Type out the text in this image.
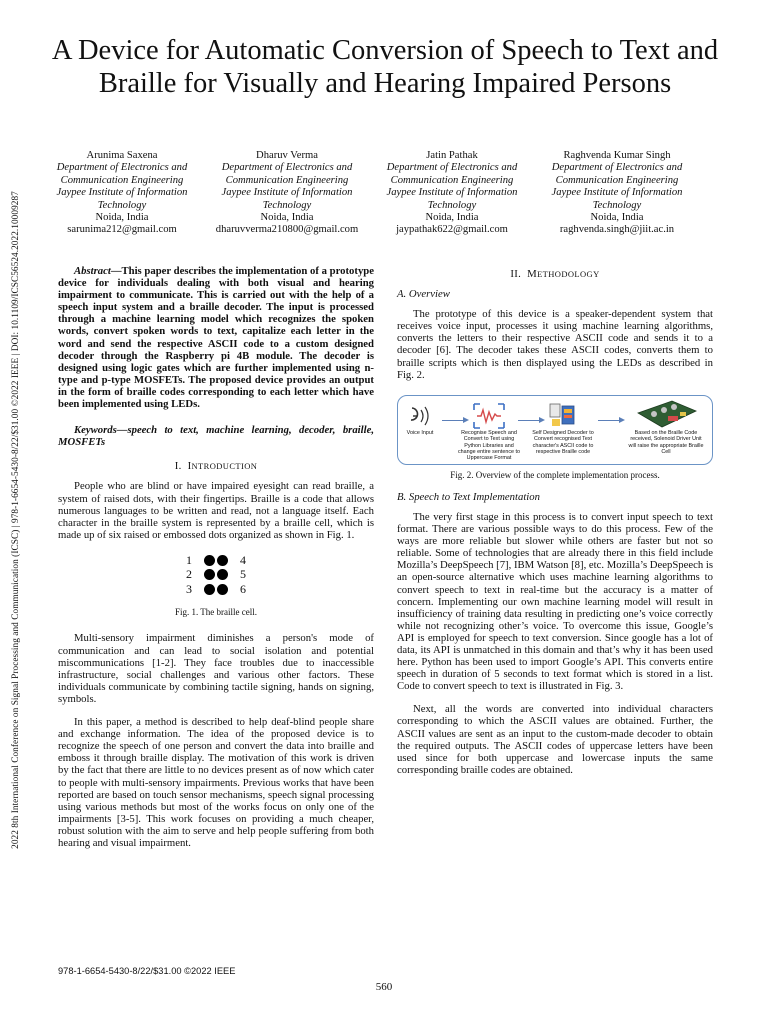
2022 8th International Conference on Signal Processing and Communication (ICSC) | 978-1-6654-5430-8/22/$31.00 ©2022 IEEE | DOI: 10.1109/ICSC56524.2022.10009287
A Device for Automatic Conversion of Speech to Text and Braille for Visually and Hearing Impaired Persons
Arunima Saxena
Department of Electronics and
Communication Engineering
Jaypee Institute of Information
Technology
Noida, India
sarunima212@gmail.com
Dharuv Verma
Department of Electronics and
Communication Engineering
Jaypee Institute of Information
Technology
Noida, India
dharuvverma210800@gmail.com
Jatin Pathak
Department of Electronics and
Communication Engineering
Jaypee Institute of Information
Technology
Noida, India
jaypathak622@gmail.com
Raghvenda Kumar Singh
Department of Electronics and
Communication Engineering
Jaypee Institute of Information
Technology
Noida, India
raghvenda.singh@jiit.ac.in

Abstract—This paper describes the implementation of a prototype device for individuals dealing with both visual and hearing impairment to communicate. This is carried out with the help of a speech input system and a braille decoder. The input is processed through a machine learning model which recognizes the spoken words, convert spoken words to text, capitalize each letter in the word and send the respective ASCII code to a custom designed decoder through the Raspberry pi 4B module. The decoder is designed using logic gates which are further implemented using n-type and p-type MOSFETs. The proposed device provides an output in the form of braille codes corresponding to each letter which have been implemented using LEDs.

Keywords—speech to text, machine learning, decoder, braille, MOSFETs

I. INTRODUCTION

People who are blind or have impaired eyesight can read braille, a system of raised dots, with their fingertips. Braille is a code that allows numerous languages to be written and read, not a language itself. Each character in the braille system is represented by a braille cell, which is made up of six raised or embossed dots organized as shown in Fig. 1.

1	4
2	5
3	6
Fig. 1. The braille cell.

Multi-sensory impairment diminishes a person's mode of communication and can lead to social isolation and potential miscommunications [1-2]. They face troubles due to inaccessible infrastructure, social challenges and various other factors. These individuals communicate by combining tactile signing, hands on signing, symbols.

In this paper, a method is described to help deaf-blind people share and exchange information. The idea of the proposed device is to recognize the speech of one person and convert the data into braille and emboss it through braille display. The motivation of this work is driven by the fact that there are little to no devices present as of now which cater to people with multi-sensory impairments. Previous works that have been reported are based on touch sensor mechanisms, speech signal processing using various methods but most of the works focus on only one of the impairments [3-5]. This work focuses on providing a much cheaper, robust solution with the aim to serve and help people suffering from both hearing and visual impairment.

II. METHODOLOGY
A. Overview

The prototype of this device is a speaker-dependent system that receives voice input, processes it using machine learning algorithms, converts the letters to their respective ASCII code and sends it to a decoder [6]. The decoder takes these ASCII codes, converts them to braille scripts which is then displayed using the LEDs as described in Fig. 2.

Voice Input	Recognise Speech and Convert to Text using Python Libraries and change entire sentence to Uppercase Format
Self Designed Decoder to Convert recognised Text character's ASCII code to respective Braille code
Based on the Braille Code received, Solenoid Driver Unit will raise the appropriate Braille Cell
Fig. 2. Overview of the complete implementation process.
B. Speech to Text Implementation

The very first stage in this process is to convert input speech to text format. There are various possible ways to do this process. Few of the ways are more reliable but slower while others are faster but not so reliable. Some of technologies that are already there in this field include Mozilla’s DeepSpeech [7], IBM Watson [8], etc. Mozilla’s DeepSpeech is an open-source alternative which uses machine learning algorithms to convert speech to text in real-time but the accuracy is a matter of concern. Implementing our own machine learning model will result in insufficiency of training data resulting in predicting one’s voice correctly while not recognizing other’s voice. To overcome this issue, Google’s API is employed for speech to text conversion. Since google has a lot of data, its API is unmatched in this domain and that’s why it has been used here. Python has been used to import Google’s API. This converts entire speech in duration of 5 seconds to text format which is stored in a list. Code to convert speech to text is illustrated in Fig. 3.

Next, all the words are converted into individual characters corresponding to which the ASCII values are obtained. Further, the ASCII values are sent as an input to the custom-made decoder to obtain the required outputs. The ASCII codes of uppercase letters have been used since for both uppercase and lowercase inputs the same corresponding braille codes are obtained.

978-1-6654-5430-8/22/$31.00 ©2022 IEEE
560
